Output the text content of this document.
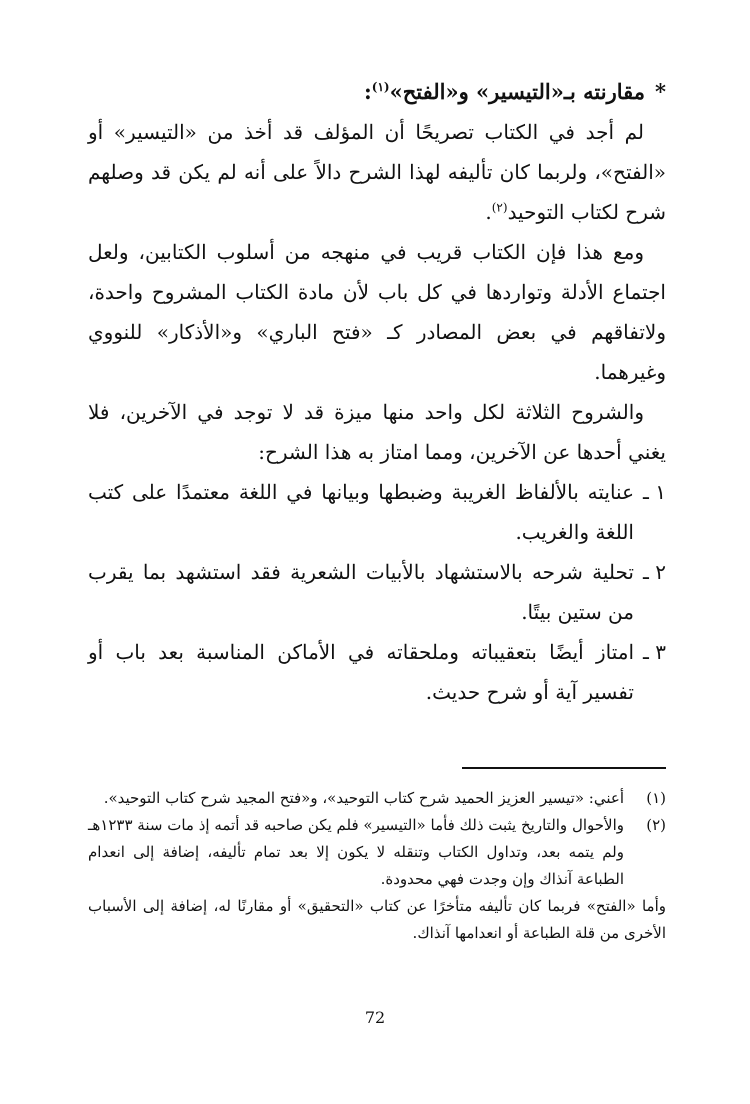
*مقارنته بـ«التيسير» و«الفتح»$^{(١)}$:

لم أجد في الكتاب تصريحًا أن المؤلف قد أخذ من «التيسير» أو «الفتح»، ولربما كان تأليفه لهذا الشرح دالاً على أنه لم يكن قد وصلهم شرح لكتاب التوحيد$^{(٢)}$.

ومع هذا فإن الكتاب قريب في منهجه من أسلوب الكتابين، ولعل اجتماع الأدلة وتواردها في كل باب لأن مادة الكتاب المشروح واحدة، ولاتفاقهم في بعض المصادر كـ «فتح الباري» و«الأذكار» للنووي وغيرهما.

والشروح الثلاثة لكل واحد منها ميزة قد لا توجد في الآخرين، فلا يغني أحدها عن الآخرين، ومما امتاز به هذا الشرح:

١ ـ
عنايته بالألفاظ الغريبة وضبطها وبيانها في اللغة معتمدًا على كتب اللغة والغريب.

٢ ـ
تحلية شرحه بالاستشهاد بالأبيات الشعرية فقد استشهد بما يقرب من ستين بيتًا.

٣ ـ
امتاز أيضًا بتعقيباته وملحقاته في الأماكن المناسبة بعد باب أو تفسير آية أو شرح حديث.

(١)
أعني: «تيسير العزيز الحميد شرح كتاب التوحيد»، و«فتح المجيد شرح كتاب التوحيد».

(٢)
والأحوال والتاريخ يثبت ذلك فأما «التيسير» فلم يكن صاحبه قد أتمه إذ مات سنة ١٢٣٣هـ ولم يتمه بعد، وتداول الكتاب وتنقله لا يكون إلا بعد تمام تأليفه، إضافة إلى انعدام الطباعة آنذاك وإن وجدت فهي محدودة.

وأما «الفتح» فربما كان تأليفه متأخرًا عن كتاب «التحقيق» أو مقارنًا له، إضافة إلى الأسباب الأخرى من قلة الطباعة أو انعدامها آنذاك.

72
